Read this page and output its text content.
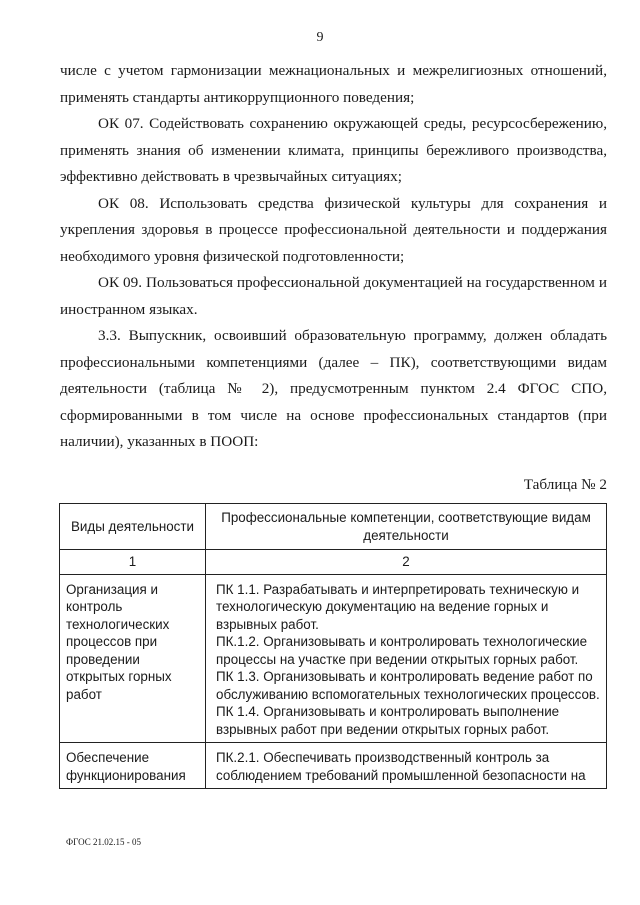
9

числе с учетом гармонизации межнациональных и межрелигиозных отношений, применять стандарты антикоррупционного поведения;

ОК 07. Содействовать сохранению окружающей среды, ресурсосбережению, применять знания об изменении климата, принципы бережливого производства, эффективно действовать в чрезвычайных ситуациях;

ОК 08. Использовать средства физической культуры для сохранения и укрепления здоровья в процессе профессиональной деятельности и поддержания необходимого уровня физической подготовленности;

ОК 09. Пользоваться профессиональной документацией на государственном и иностранном языках.

3.3. Выпускник, освоивший образовательную программу, должен обладать профессиональными компетенциями (далее – ПК), соответствующими видам деятельности (таблица № 2), предусмотренным пунктом 2.4 ФГОС СПО, сформированными в том числе на основе профессиональных стандартов (при наличии), указанных в ПООП:

Таблица № 2
Виды деятельности	Профессиональные компетенции, соответствующие видам деятельности
1	2
Организация и контроль технологических процессов при проведении открытых горных работ	ПК 1.1. Разрабатывать и интерпретировать техническую и технологическую документацию на ведение горных и взрывных работ.
ПК.1.2. Организовывать и контролировать технологические процессы на участке при ведении открытых горных работ.
ПК 1.3. Организовывать и контролировать ведение работ по обслуживанию вспомогательных технологических процессов.
ПК 1.4. Организовывать и контролировать выполнение взрывных работ при ведении открытых горных работ.

Обеспечение функционирования	ПК.2.1. Обеспечивать производственный контроль за соблюдением требований промышленной безопасности на
ФГОС 21.02.15 - 05
